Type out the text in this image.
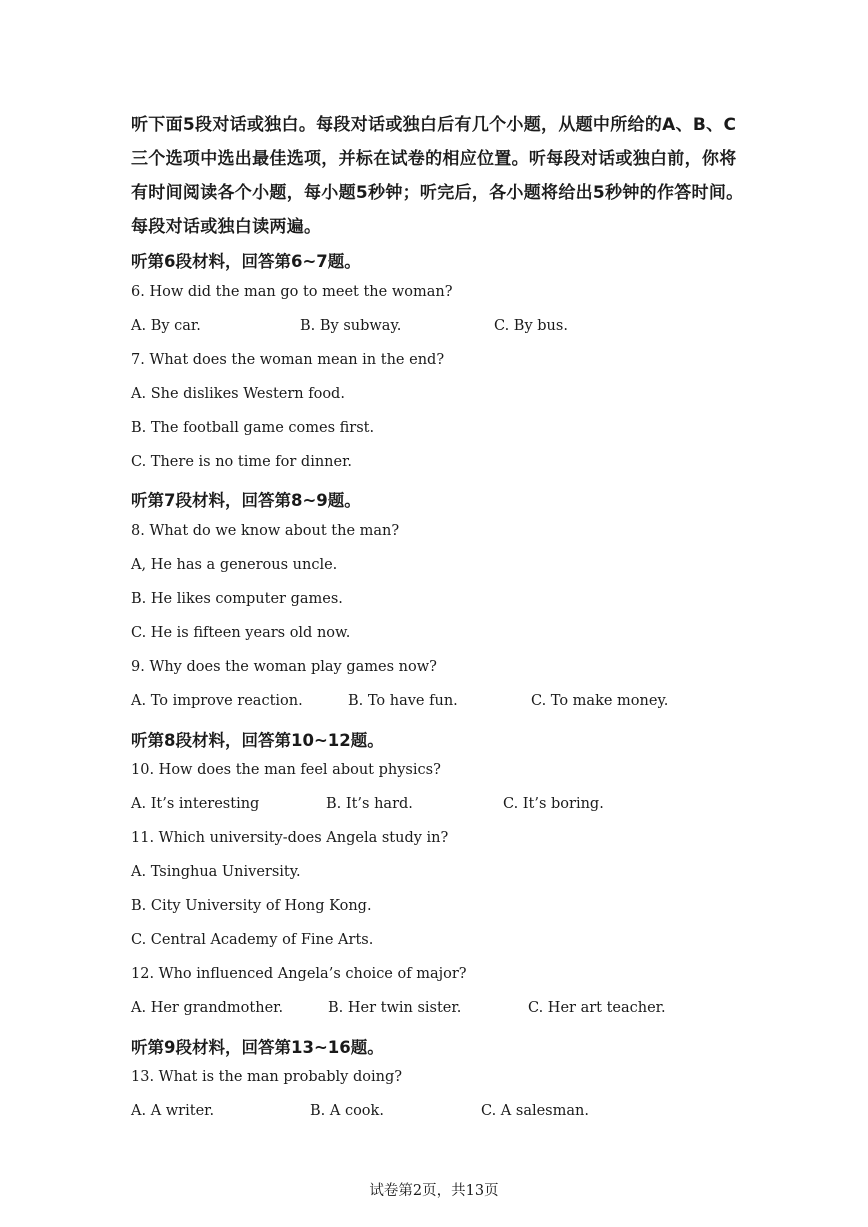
听下面5段对话或独白。每段对话或独白后有几个小题，从题中所给的A、B、C三个选项中选出最佳选项，并标在试卷的相应位置。听每段对话或独白前，你将有时间阅读各个小题，每小题5秒钟；听完后，各小题将给出5秒钟的作答时间。每段对话或独白读两遍。

听第6段材料，回答第6~7题。

6. How did the man go to meet the woman?

A. By car.	B. By subway.	C. By bus.

7. What does the woman mean in the end?

A. She dislikes Western food.

B. The football game comes first.

C. There is no time for dinner.

听第7段材料，回答第8~9题。

8. What do we know about the man?

A, He has a generous uncle.

B. He likes computer games.

C. He is fifteen years old now.

9. Why does the woman play games now?

A. To improve reaction.	B. To have fun.	C. To make money.

听第8段材料，回答第10~12题。

10. How does the man feel about physics?

A. It’s interesting	B. It’s hard.	C. It’s boring.

11. Which university-does Angela study in?

A. Tsinghua University.

B. City University of Hong Kong.

C. Central Academy of Fine Arts.

12. Who influenced Angela’s choice of major?

A. Her grandmother.	B. Her twin sister.	C. Her art teacher.

听第9段材料，回答第13~16题。

13. What is the man probably doing?

A. A writer.	B. A cook.	C. A salesman.
试卷第2页，共13页
